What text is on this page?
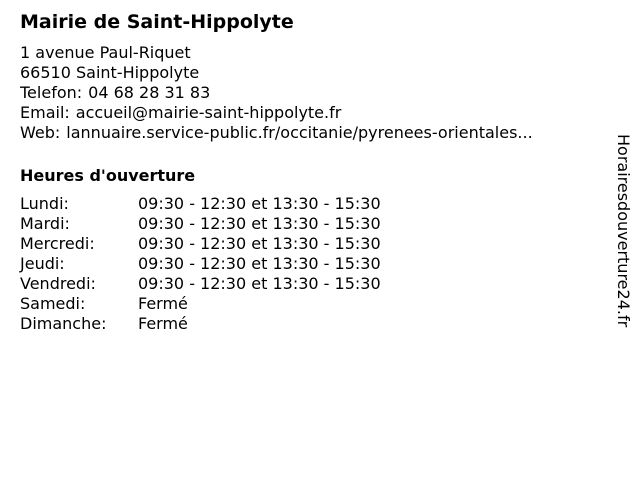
Mairie de Saint-Hippolyte
1 avenue Paul-Riquet
66510 Saint-Hippolyte
Telefon: 04 68 28 31 83
Email: accueil@mairie-saint-hippolyte.fr
Web: lannuaire.service-public.fr/occitanie/pyrenees-orientales...
Heures d'ouverture
Lundi:	09:30 - 12:30 et 13:30 - 15:30
Mardi:	09:30 - 12:30 et 13:30 - 15:30
Mercredi:	09:30 - 12:30 et 13:30 - 15:30
Jeudi:	09:30 - 12:30 et 13:30 - 15:30
Vendredi:	09:30 - 12:30 et 13:30 - 15:30
Samedi:	Fermé
Dimanche:	Fermé	Horairesdouverture24.fr
